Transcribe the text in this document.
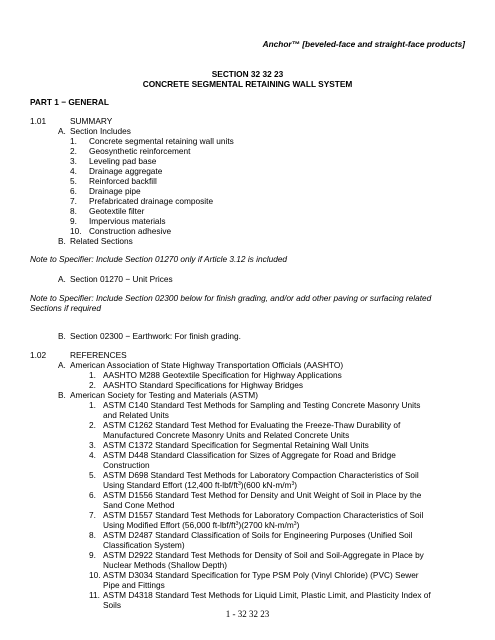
Anchor™ [beveled-face and straight-face products]
SECTION 32 32 23
CONCRETE SEGMENTAL RETAINING WALL SYSTEM
PART 1 − GENERAL
1.01	SUMMARY
A. Section Includes
1. Concrete segmental retaining wall units
2. Geosynthetic reinforcement
3. Leveling pad base
4. Drainage aggregate
5. Reinforced backfill
6. Drainage pipe
7. Prefabricated drainage composite
8. Geotextile filter
9. Impervious materials
10. Construction adhesive
B. Related Sections
Note to Specifier: Include Section 01270 only if Article 3.12 is included
A. Section 01270 − Unit Prices
Note to Specifier: Include Section 02300 below for finish grading, and/or add other paving or surfacing related Sections if required
B. Section 02300 − Earthwork: For finish grading.
1.02	REFERENCES
A. American Association of State Highway Transportation Officials (AASHTO)
1. AASHTO M288 Geotextile Specification for Highway Applications
2. AASHTO Standard Specifications for Highway Bridges
B. American Society for Testing and Materials (ASTM)
1. ASTM C140 Standard Test Methods for Sampling and Testing Concrete Masonry Units
and Related Units
2. ASTM C1262 Standard Test Method for Evaluating the Freeze-Thaw Durability of
Manufactured Concrete Masonry Units and Related Concrete Units
3. ASTM C1372 Standard Specification for Segmental Retaining Wall Units
4. ASTM D448 Standard Classification for Sizes of Aggregate for Road and Bridge
Construction
5. ASTM D698 Standard Test Methods for Laboratory Compaction Characteristics of Soil
Using Standard Effort (12,400 $ft-lbf/ft^3)(600$ $kN-m/m^3$)
6. ASTM D1556 Standard Test Method for Density and Unit Weight of Soil in Place by the
Sand Cone Method
7. ASTM D1557 Standard Test Methods for Laboratory Compaction Characteristics of Soil
Using Modified Effort (56,000 $ft-lbf/ft^3)(2700$ $kN-m/m^3$)
8. ASTM D2487 Standard Classification of Soils for Engineering Purposes (Unified Soil
Classification System)
9. ASTM D2922 Standard Test Methods for Density of Soil and Soil-Aggregate in Place by
Nuclear Methods (Shallow Depth)
10. ASTM D3034 Standard Specification for Type PSM Poly (Vinyl Chloride) (PVC) Sewer
Pipe and Fittings
11. ASTM D4318 Standard Test Methods for Liquid Limit, Plastic Limit, and Plasticity Index of
Soils
1 - 32 32 23
